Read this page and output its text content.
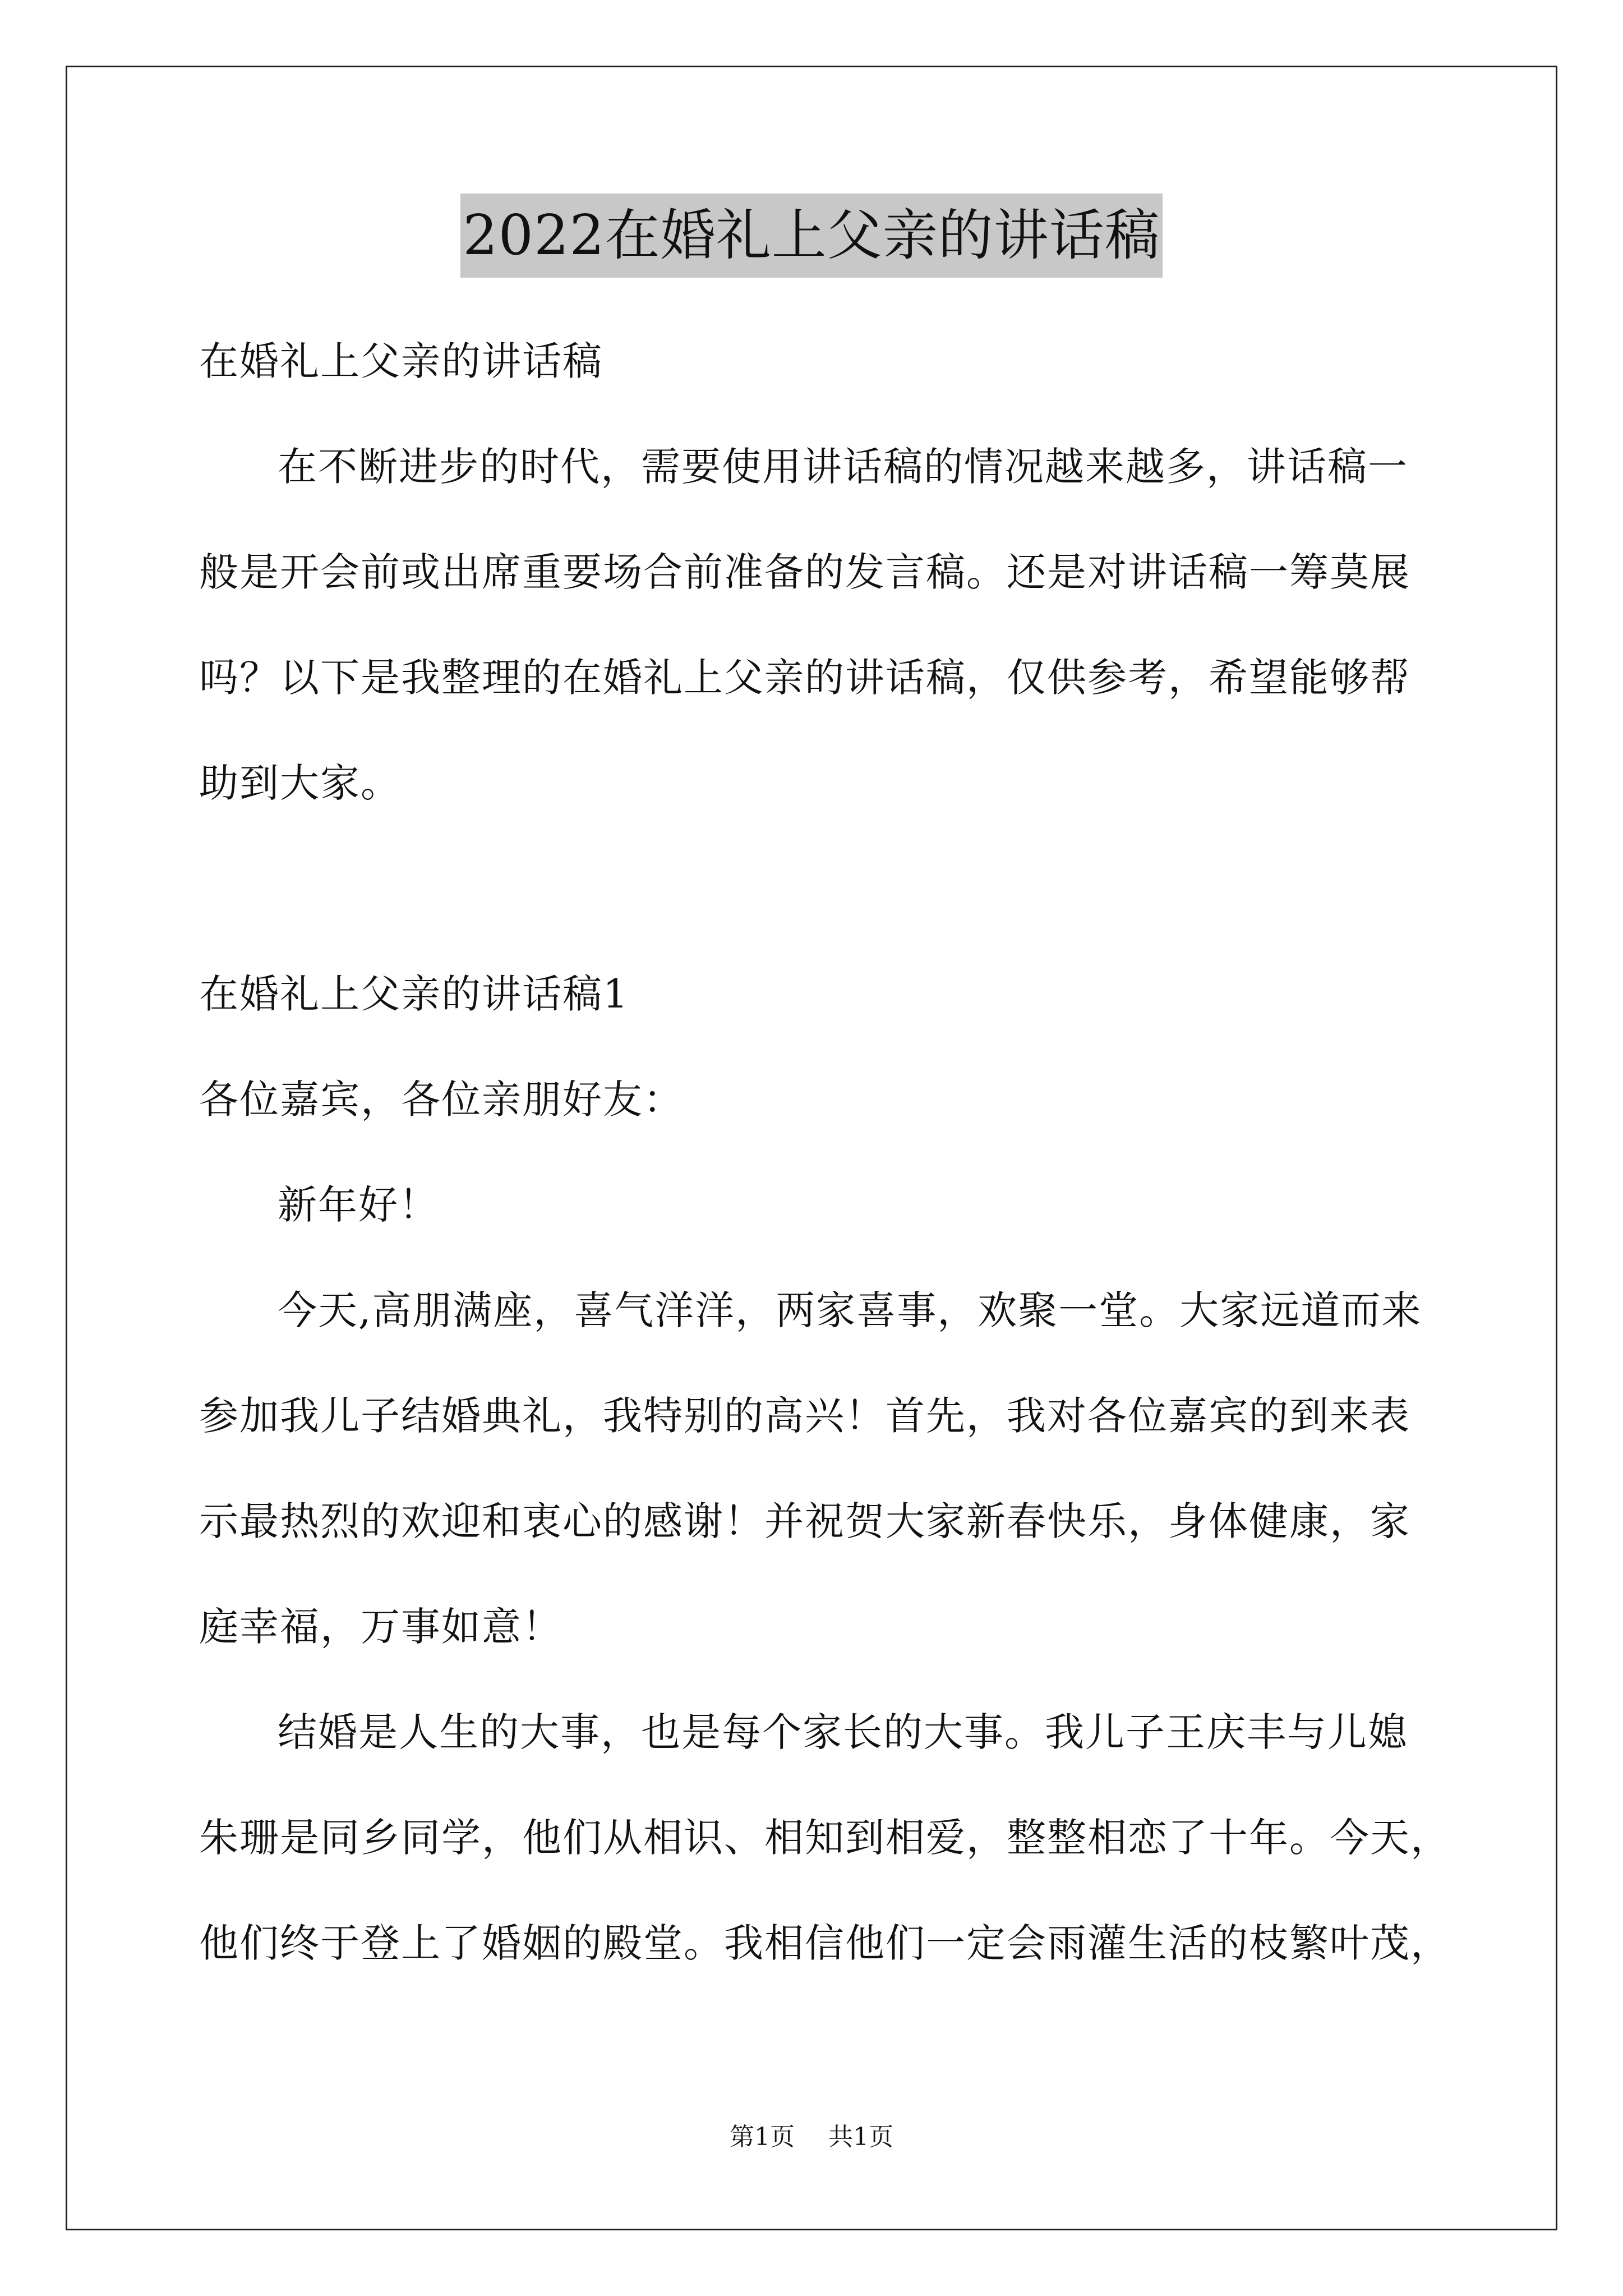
2022在婚礼上父亲的讲话稿
在婚礼上父亲的讲话稿
在不断进步的时代，需要使用讲话稿的情况越来越多，讲话稿一
般是开会前或出席重要场合前准备的发言稿。还是对讲话稿一筹莫展
吗？以下是我整理的在婚礼上父亲的讲话稿，仅供参考，希望能够帮
助到大家。
在婚礼上父亲的讲话稿1
各位嘉宾，各位亲朋好友：
新年好！
今天,高朋满座，喜气洋洋，两家喜事，欢聚一堂。大家远道而来
参加我儿子结婚典礼，我特别的高兴！首先，我对各位嘉宾的到来表
示最热烈的欢迎和衷心的感谢！并祝贺大家新春快乐，身体健康，家
庭幸福，万事如意！
结婚是人生的大事，也是每个家长的大事。我儿子王庆丰与儿媳
朱珊是同乡同学，他们从相识、相知到相爱，整整相恋了十年。今天，
他们终于登上了婚姻的殿堂。我相信他们一定会雨灌生活的枝繁叶茂，
第1页 共1页
